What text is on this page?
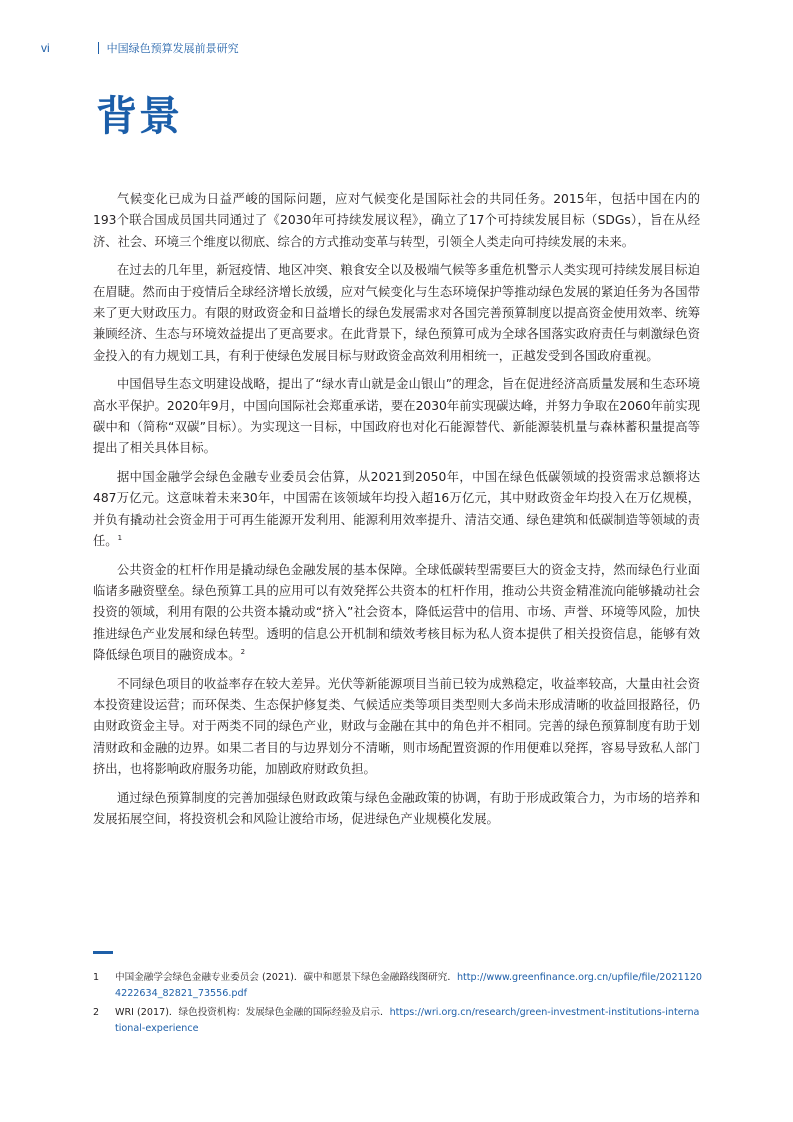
vi	中国绿色预算发展前景研究
背景

气候变化已成为日益严峻的国际问题，应对气候变化是国际社会的共同任务。2015年，包括中国在内的193个联合国成员国共同通过了《2030年可持续发展议程》，确立了17个可持续发展目标（SDGs），旨在从经济、社会、环境三个维度以彻底、综合的方式推动变革与转型，引领全人类走向可持续发展的未来。

在过去的几年里，新冠疫情、地区冲突、粮食安全以及极端气候等多重危机警示人类实现可持续发展目标迫在眉睫。然而由于疫情后全球经济增长放缓，应对气候变化与生态环境保护等推动绿色发展的紧迫任务为各国带来了更大财政压力。有限的财政资金和日益增长的绿色发展需求对各国完善预算制度以提高资金使用效率、统筹兼顾经济、生态与环境效益提出了更高要求。在此背景下，绿色预算可成为全球各国落实政府责任与刺激绿色资金投入的有力规划工具，有利于使绿色发展目标与财政资金高效利用相统一，正越发受到各国政府重视。

中国倡导生态文明建设战略，提出了“绿水青山就是金山银山”的理念，旨在促进经济高质量发展和生态环境高水平保护。2020年9月，中国向国际社会郑重承诺，要在2030年前实现碳达峰，并努力争取在2060年前实现碳中和（简称“双碳”目标）。为实现这一目标，中国政府也对化石能源替代、新能源装机量与森林蓄积量提高等提出了相关具体目标。

据中国金融学会绿色金融专业委员会估算，从2021到2050年，中国在绿色低碳领域的投资需求总额将达487万亿元。这意味着未来30年，中国需在该领域年均投入超16万亿元，其中财政资金年均投入在万亿规模，并负有撬动社会资金用于可再生能源开发利用、能源利用效率提升、清洁交通、绿色建筑和低碳制造等领域的责任。$^1$

公共资金的杠杆作用是撬动绿色金融发展的基本保障。全球低碳转型需要巨大的资金支持，然而绿色行业面临诸多融资壁垒。绿色预算工具的应用可以有效発挥公共资本的杠杆作用，推动公共资金精准流向能够撬动社会投资的领域，利用有限的公共资本撬动或“挤入”社会资本，降低运营中的信用、市场、声誉、环境等风险，加快推进绿色产业发展和绿色转型。透明的信息公开机制和绩效考核目标为私人资本提供了相关投资信息，能够有效降低绿色项目的融资成本。$^2$

不同绿色项目的收益率存在较大差异。光伏等新能源项目当前已较为成熟稳定，收益率较高，大量由社会资本投资建设运营；而环保类、生态保护修复类、气候适应类等项目类型则大多尚未形成清晰的收益回报路径，仍由财政资金主导。对于两类不同的绿色产业，财政与金融在其中的角色并不相同。完善的绿色预算制度有助于划清财政和金融的边界。如果二者目的与边界划分不清晰，则市场配置资源的作用便难以発挥，容易导致私人部门挤出，也将影响政府服务功能，加剧政府财政负担。

通过绿色预算制度的完善加强绿色财政政策与绿色金融政策的协调，有助于形成政策合力，为市场的培养和发展拓展空间，将投资机会和风险让渡给市场，促进绿色产业规模化发展。

1	中国金融学会绿色金融专业委员会 (2021)．碳中和愿景下绿色金融路线图研究．http://www.greenfinance.org.cn/upfile/file/20211204222634_82821_73556.pdf
2	WRI (2017)．绿色投资机构：发展绿色金融的国际经验及启示．https://wri.org.cn/research/green-investment-institutions-international-experience
